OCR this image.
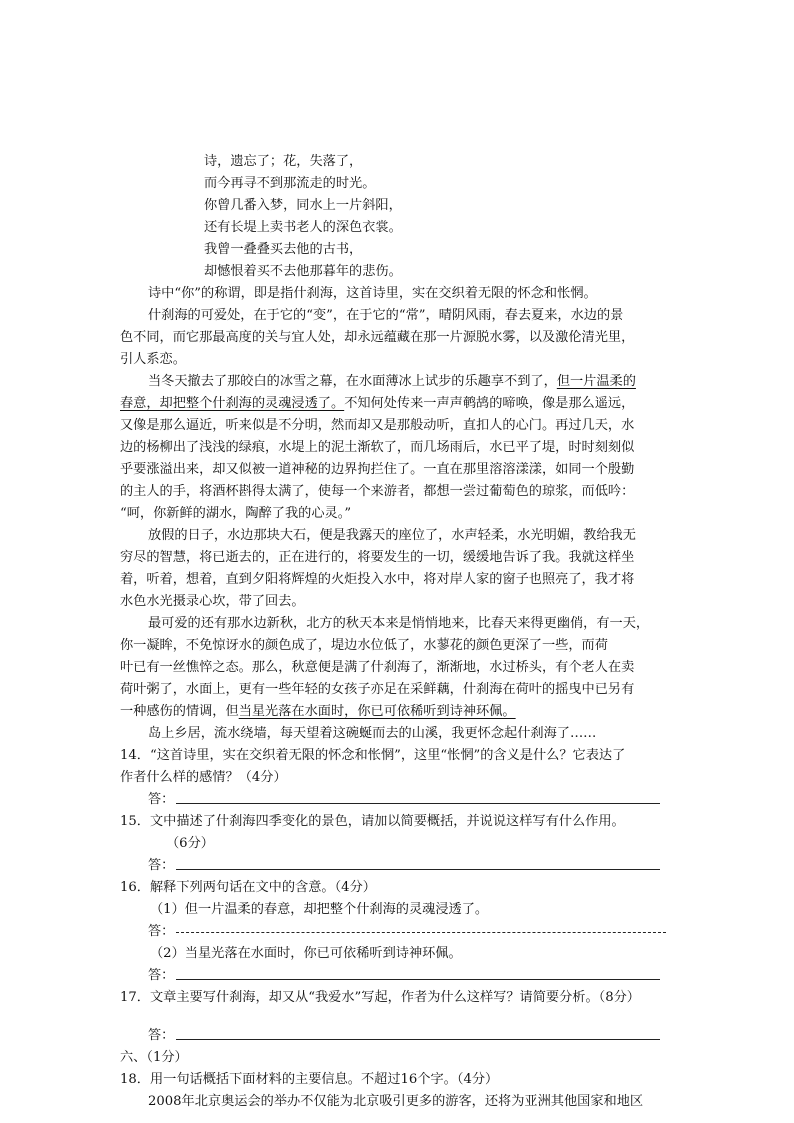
诗，遗忘了；花，失落了，
而今再寻不到那流走的时光。
你曾几番入梦，同水上一片斜阳，
还有长堤上卖书老人的深色衣裳。
我曾一叠叠买去他的古书，
却憾恨着买不去他那暮年的悲伤。
诗中“你”的称谓，即是指什刹海，这首诗里，实在交织着无限的怀念和怅惘。
什刹海的可爱处，在于它的“变”，在于它的“常”，晴阴风雨，春去夏来，水边的景
色不同，而它那最高度的关与宜人处，却永远蕴藏在那一片源脱水雾，以及激伦清光里，
引人系恋。
当冬天撤去了那皎白的冰雪之幕，在水面薄冰上试步的乐趣享不到了，但一片温柔的
春意，却把整个什刹海的灵魂浸透了。不知何处传来一声声鹌鸪的啼唤，像是那么遥远，
又像是那么逼近，听来似是不分明，然而却又是那般动听，直扣人的心门。再过几天，水
边的杨柳出了浅浅的绿痕，水堤上的泥土渐软了，而几场雨后，水已平了堤，时时刻刻似
乎要涨溢出来，却又似被一道神秘的边界拘拦住了。一直在那里溶溶漾漾，如同一个殷勤
的主人的手，将酒杯斟得太满了，使每一个来游者，都想一尝过葡萄色的琼浆，而低吟：
“呵，你新鲜的湖水，陶醉了我的心灵。”
放假的日子，水边那块大石，便是我露天的座位了，水声轻柔，水光明媚，教给我无
穷尽的智慧，将已逝去的，正在进行的，将要发生的一切，缓缓地告诉了我。我就这样坐
着，听着，想着，直到夕阳将辉煌的火炬投入水中，将对岸人家的窗子也照亮了，我才将
水色水光摄录心坎，带了回去。
最可爱的还有那水边新秋，北方的秋天本来是悄悄地来，比春天来得更幽俏，有一天，
你一凝眸，不免惊讶水的颜色成了，堤边水位低了，水蓼花的颜色更深了一些，而荷
叶已有一丝憔悴之态。那么，秋意便是满了什刹海了，渐渐地，水过桥头，有个老人在卖
荷叶粥了，水面上，更有一些年轻的女孩子亦足在采鲜藕，什刹海在荷叶的摇曳中已另有
一种感伤的情调，但当星光落在水面时，你已可依稀听到诗神环佩。
岛上乡居，流水绕墙，每天望着这碗蜒而去的山溪，我更怀念起什刹海了……
14．“这首诗里，实在交织着无限的怀念和怅惘”，这里“怅惘”的含义是什么？它表达了
作者什么样的感情？（4分）
答：
15．文中描述了什刹海四季变化的景色，请加以简要概括，并说说这样写有什么作用。
（6分）
答：
16．解释下列两句话在文中的含意。（4分）
（1）但一片温柔的春意，却把整个什刹海的灵魂浸透了。
答：
（2）当星光落在水面时，你已可依稀听到诗神环佩。
答：
17．文章主要写什刹海，却又从“我爱水”写起，作者为什么这样写？请简要分析。（8分）
答：
六、（1分）
18．用一句话概括下面材料的主要信息。不超过16个字。（4分）
2008年北京奥运会的举办不仅能为北京吸引更多的游客，还将为亚洲其他国家和地区
